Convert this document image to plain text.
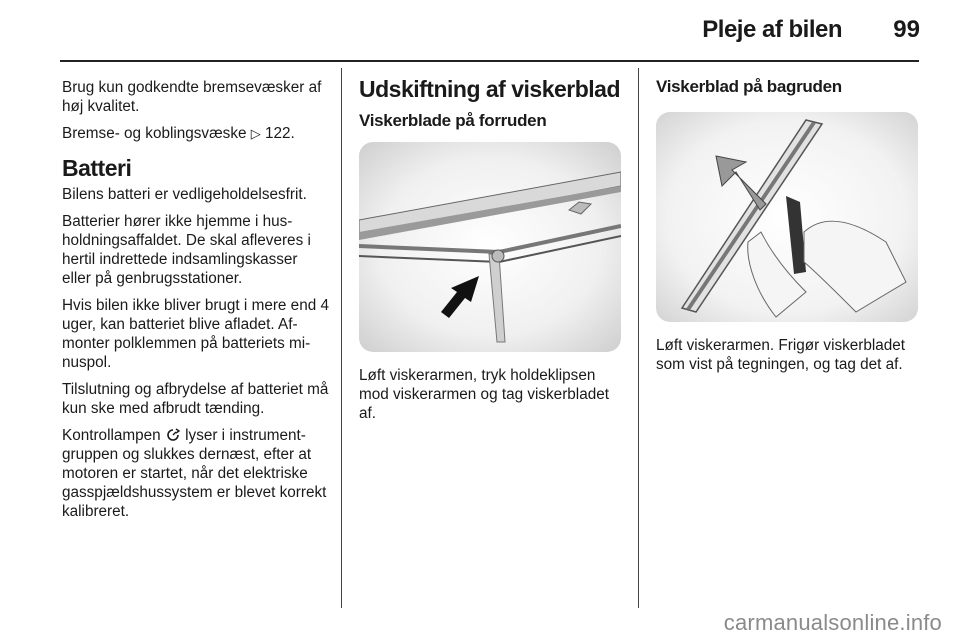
Pleje af bilen 99

Brug kun godkendte bremsevæsker af høj kvalitet.

Bremse- og koblingsvæske ▷ 122.

Batteri

Bilens batteri er vedligeholdelsesfrit.

Batterier hører ikke hjemme i husholdningsaffaldet. De skal afleveres i hertil indrettede indsamlingskasser eller på genbrugsstationer.

Hvis bilen ikke bliver brugt i mere end 4 uger, kan batteriet blive afladet. Afmonter polklemmen på batteriets minuspol.

Tilslutning og afbrydelse af batteriet må kun ske med afbrudt tænding.

Kontrollampen lyser i instrumentgruppen og slukkes dernæst, efter at motoren er startet, når det elektriske gasspjældshussystem er blevet korrekt kalibreret.

Udskiftning af viskerblad
Viskerblade på forruden

Løft viskerarmen, tryk holdeklipsen mod viskerarmen og tag viskerbladet af.

Viskerblad på bagruden

Løft viskerarmen. Frigør viskerbladet som vist på tegningen, og tag det af.

carmanualsonline.info
